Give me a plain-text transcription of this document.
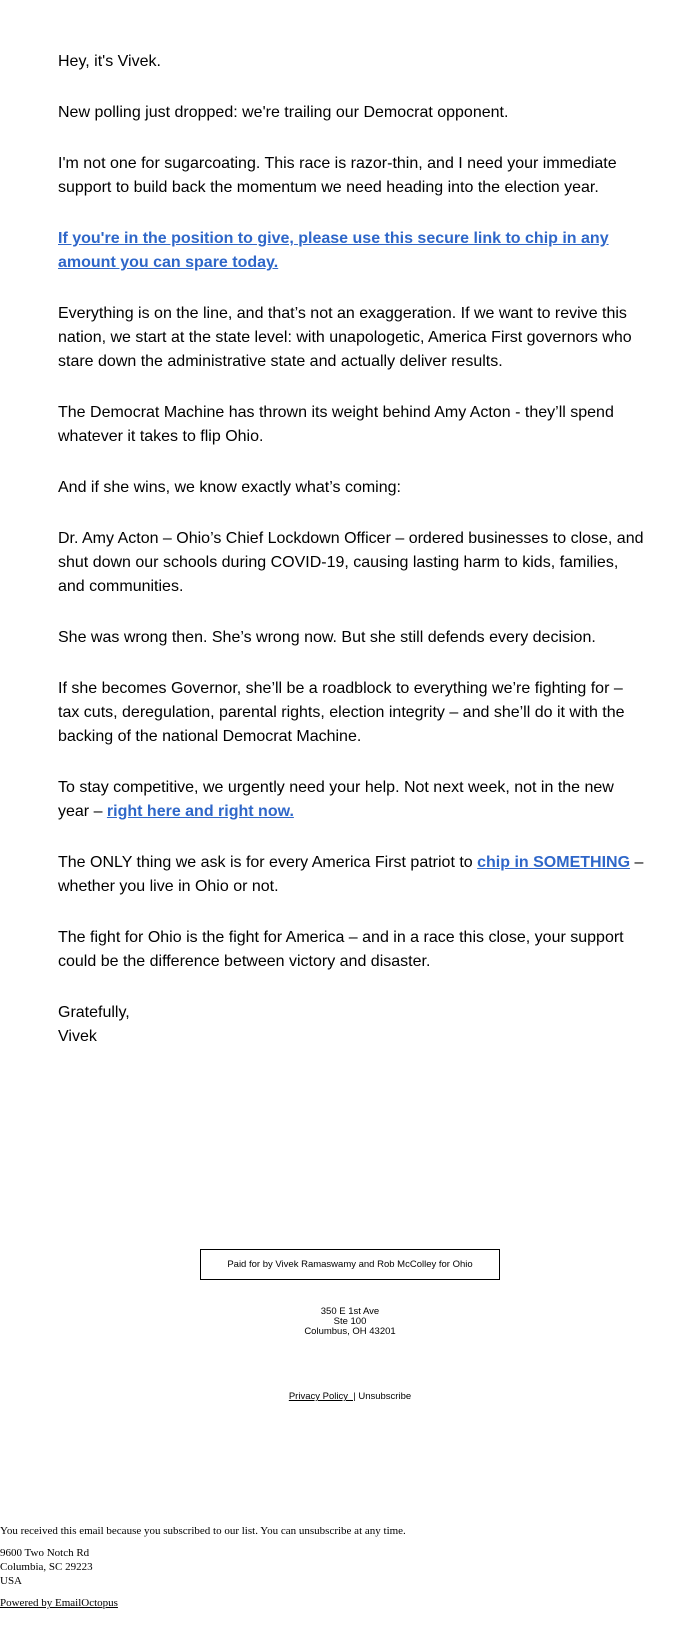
Hey, it's Vivek.

New polling just dropped: we're trailing our Democrat opponent.

I'm not one for sugarcoating. This race is razor-thin, and I need your immediate support to build back the momentum we need heading into the election year.

If you're in the position to give, please use this secure link to chip in any amount you can spare today.

Everything is on the line, and that’s not an exaggeration. If we want to revive this nation, we start at the state level: with unapologetic, America First governors who stare down the administrative state and actually deliver results.

The Democrat Machine has thrown its weight behind Amy Acton - they’ll spend whatever it takes to flip Ohio.

And if she wins, we know exactly what’s coming:

Dr. Amy Acton – Ohio’s Chief Lockdown Officer – ordered businesses to close, and shut down our schools during COVID-19, causing lasting harm to kids, families, and communities.

She was wrong then. She’s wrong now. But she still defends every decision.

If she becomes Governor, she’ll be a roadblock to everything we’re fighting for – tax cuts, deregulation, parental rights, election integrity – and she’ll do it with the backing of the national Democrat Machine.

To stay competitive, we urgently need your help. Not next week, not in the new year – right here and right now.

The ONLY thing we ask is for every America First patriot to chip in SOMETHING – whether you live in Ohio or not.

The fight for Ohio is the fight for America – and in a race this close, your support could be the difference between victory and disaster.

Gratefully,
Vivek
Paid for by Vivek Ramaswamy and Rob McColley for Ohio
350 E 1st Ave
Ste 100
Columbus, OH 43201
Privacy Policy  | Unsubscribe

You received this email because you subscribed to our list. You can unsubscribe at any time.

9600 Two Notch Rd
Columbia, SC 29223
USA

Powered by EmailOctopus
